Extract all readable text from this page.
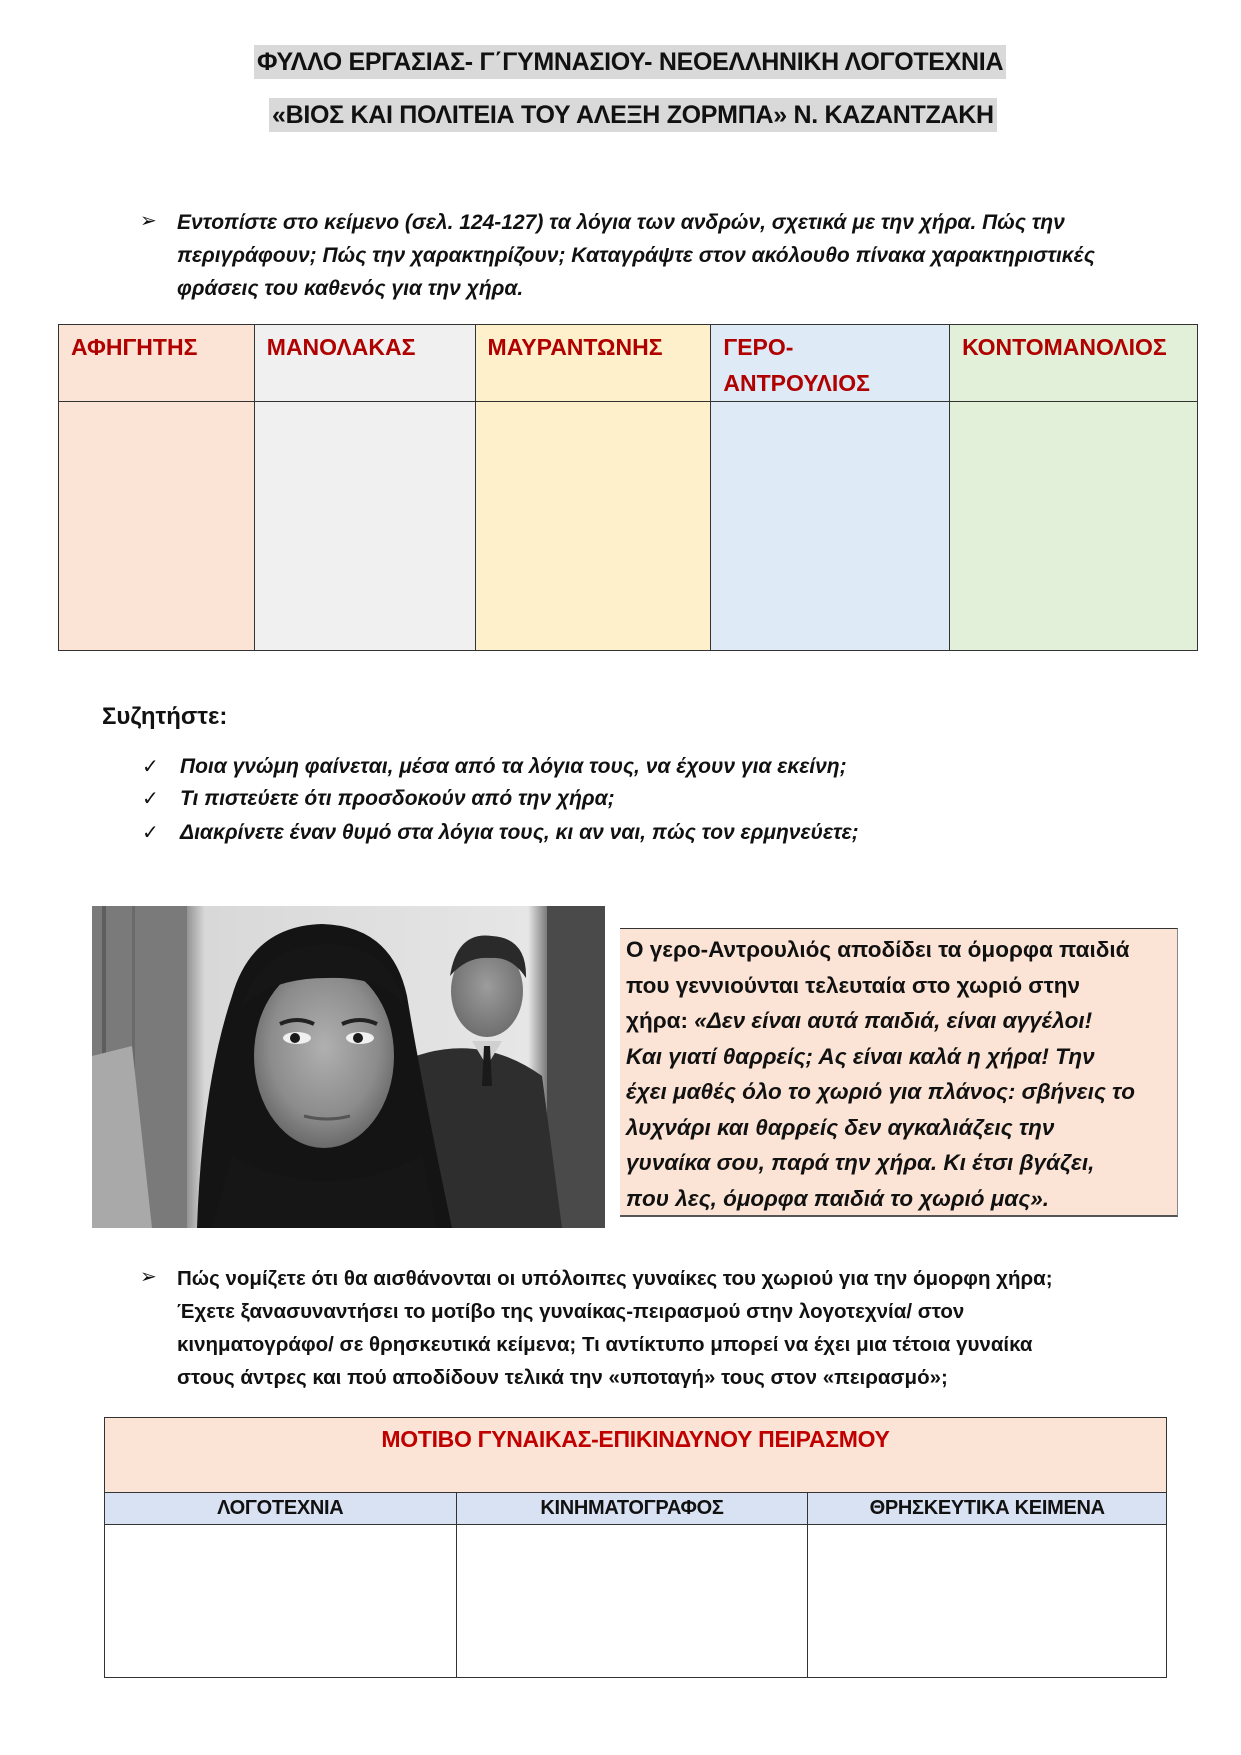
ΦΥΛΛΟ ΕΡΓΑΣΙΑΣ- Γ΄ΓΥΜΝΑΣΙΟΥ- ΝΕΟΕΛΛΗΝΙΚΗ ΛΟΓΟΤΕΧΝΙΑ
«ΒΙΟΣ ΚΑΙ ΠΟΛΙΤΕΙΑ ΤΟΥ ΑΛΕΞΗ ΖΟΡΜΠΑ» Ν. ΚΑΖΑΝΤΖΑΚΗ
➢ Εντοπίστε στο κείμενο (σελ. 124-127) τα λόγια των ανδρών, σχετικά με την χήρα. Πώς την
περιγράφουν; Πώς την χαρακτηρίζουν; Καταγράψτε στον ακόλουθο πίνακα χαρακτηριστικές
φράσεις του καθενός για την χήρα.
ΑΦΗΓΗΤΗΣ	ΜΑΝΟΛΑΚΑΣ	ΜΑΥΡΑΝΤΩΝΗΣ	ΓΕΡΟ-
ΑΝΤΡΟΥΛΙΟΣ	ΚΟΝΤΟΜΑΝΟΛΙΟΣ

Συζητήστε:
✓ Ποια γνώμη φαίνεται, μέσα από τα λόγια τους, να έχουν για εκείνη;
✓ Τι πιστεύετε ότι προσδοκούν από την χήρα;
✓ Διακρίνετε έναν θυμό στα λόγια τους, κι αν ναι, πώς τον ερμηνεύετε;
Ο γερο-Αντρουλιός αποδίδει τα όμορφα παιδιά
που γεννιούνται τελευταία στο χωριό στην
χήρα: «Δεν είναι αυτά παιδιά, είναι αγγέλοι!
Και γιατί θαρρείς; Ας είναι καλά η χήρα! Την
έχει μαθές όλο το χωριό για πλάνος: σβήνεις το
λυχνάρι και θαρρείς δεν αγκαλιάζεις την
γυναίκα σου, παρά την χήρα. Κι έτσι βγάζει,
που λες, όμορφα παιδιά το χωριό μας».
➢ Πώς νομίζετε ότι θα αισθάνονται οι υπόλοιπες γυναίκες του χωριού για την όμορφη χήρα;
Έχετε ξανασυναντήσει το μοτίβο της γυναίκας-πειρασμού στην λογοτεχνία/ στον
κινηματογράφο/ σε θρησκευτικά κείμενα; Τι αντίκτυπο μπορεί να έχει μια τέτοια γυναίκα
στους άντρες και πού αποδίδουν τελικά την «υποταγή» τους στον «πειρασμό»;
ΜΟΤΙΒΟ ΓΥΝΑΙΚΑΣ-ΕΠΙΚΙΝΔΥΝΟΥ ΠΕΙΡΑΣΜΟΥ		
ΛΟΓΟΤΕΧΝΙΑ	ΚΙΝΗΜΑΤΟΓΡΑΦΟΣ	ΘΡΗΣΚΕΥΤΙΚΑ ΚΕΙΜΕΝΑ
